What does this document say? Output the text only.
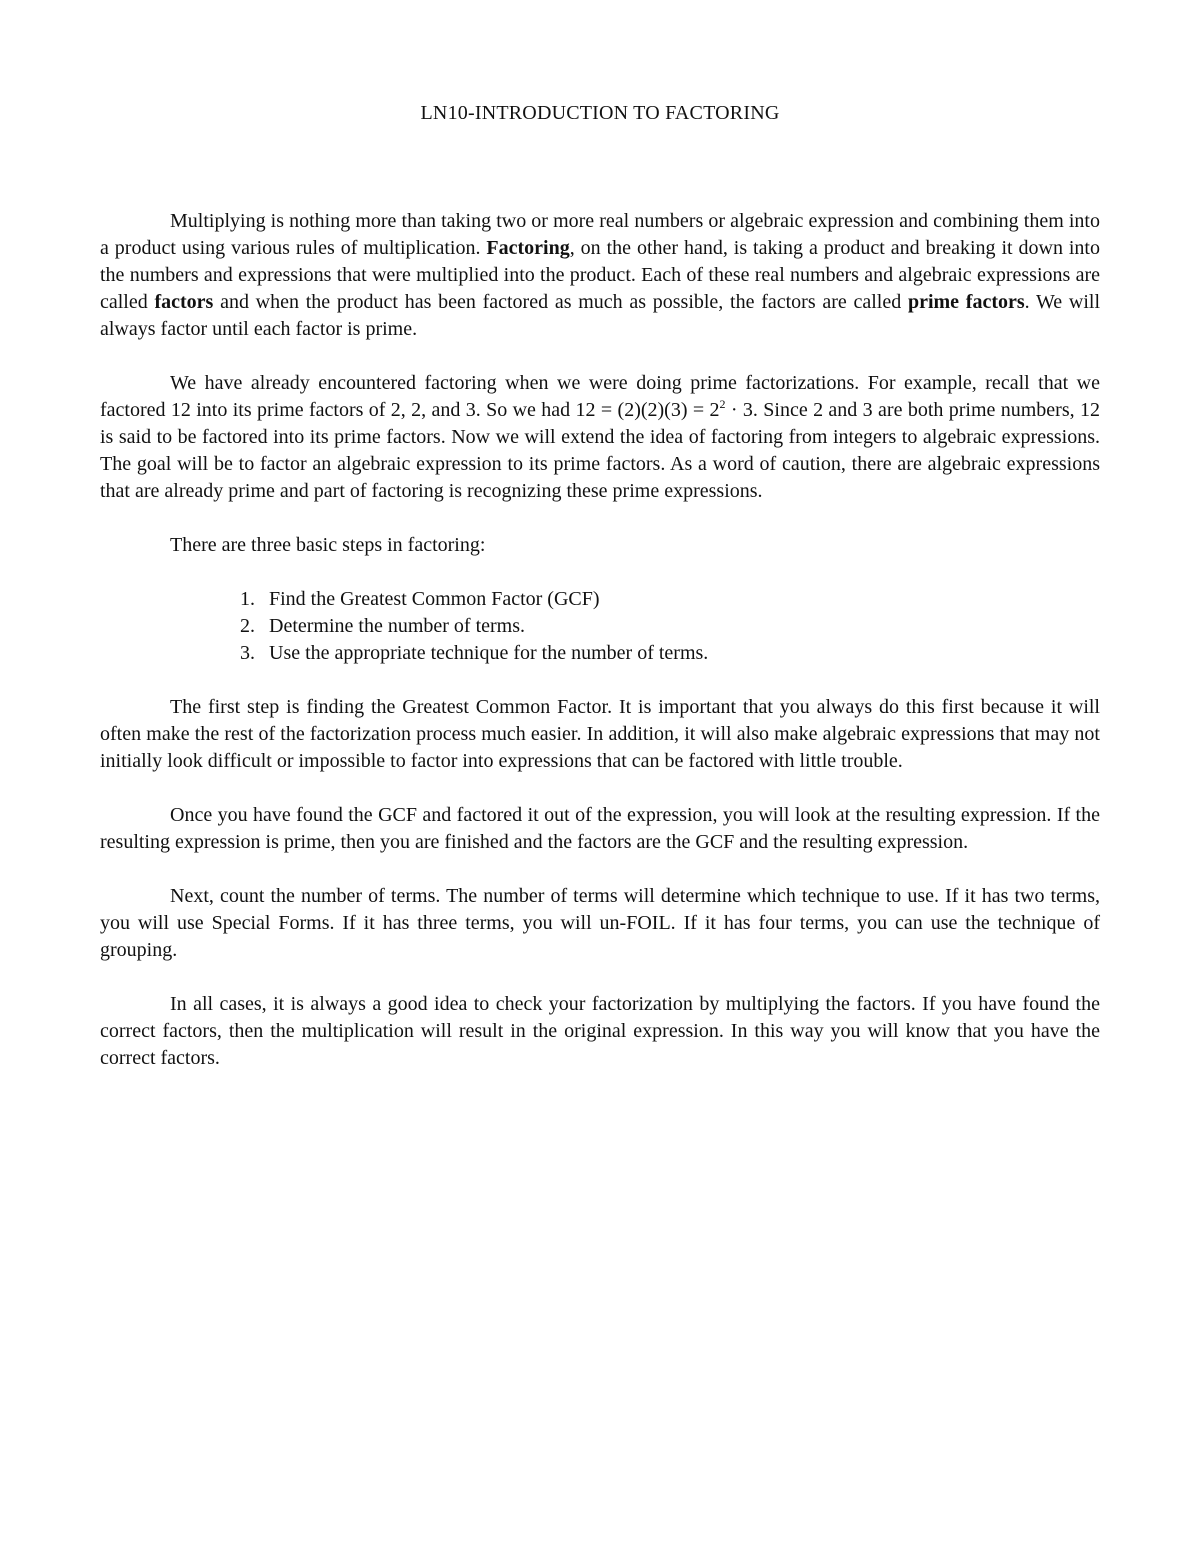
LN10-INTRODUCTION TO FACTORING

Multiplying is nothing more than taking two or more real numbers or algebraic expression and combining them into a product using various rules of multiplication. Factoring, on the other hand, is taking a product and breaking it down into the numbers and expressions that were multiplied into the product. Each of these real numbers and algebraic expressions are called factors and when the product has been factored as much as possible, the factors are called prime factors. We will always factor until each factor is prime.

We have already encountered factoring when we were doing prime factorizations. For example, recall that we factored 12 into its prime factors of 2, 2, and 3. So we had $12 = (2)(2)(3) = 2^2 \cdot 3$. Since 2 and 3 are both prime numbers, 12 is said to be factored into its prime factors. Now we will extend the idea of factoring from integers to algebraic expressions. The goal will be to factor an algebraic expression to its prime factors. As a word of caution, there are algebraic expressions that are already prime and part of factoring is recognizing these prime expressions.

There are three basic steps in factoring:

1. Find the Greatest Common Factor (GCF)
2. Determine the number of terms.
3. Use the appropriate technique for the number of terms.

The first step is finding the Greatest Common Factor. It is important that you always do this first because it will often make the rest of the factorization process much easier. In addition, it will also make algebraic expressions that may not initially look difficult or impossible to factor into expressions that can be factored with little trouble.

Once you have found the GCF and factored it out of the expression, you will look at the resulting expression. If the resulting expression is prime, then you are finished and the factors are the GCF and the resulting expression.

Next, count the number of terms. The number of terms will determine which technique to use. If it has two terms, you will use Special Forms. If it has three terms, you will un-FOIL. If it has four terms, you can use the technique of grouping.

In all cases, it is always a good idea to check your factorization by multiplying the factors. If you have found the correct factors, then the multiplication will result in the original expression. In this way you will know that you have the correct factors.
